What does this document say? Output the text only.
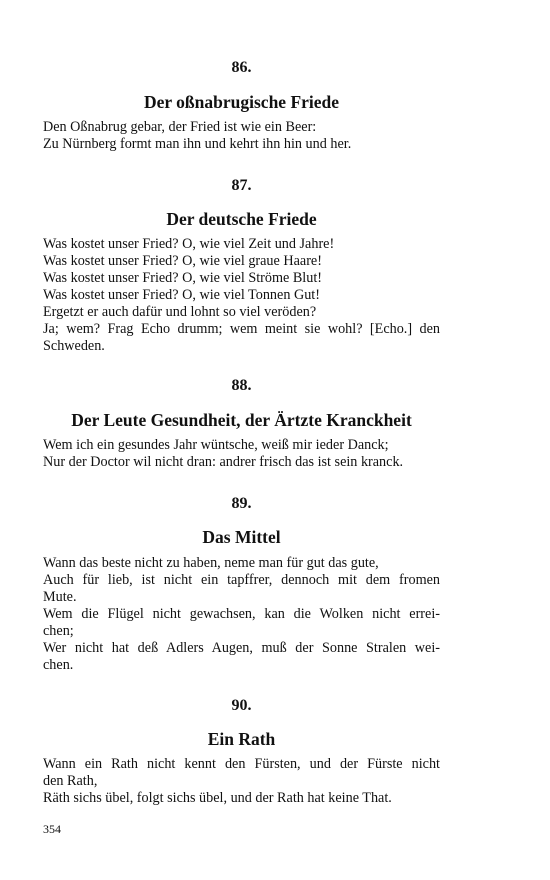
86.
Der oßnabrugische Friede
Den Oßnabrug gebar, der Fried ist wie ein Beer:
Zu Nürnberg formt man ihn und kehrt ihn hin und her.
87.
Der deutsche Friede
Was kostet unser Fried? O, wie viel Zeit und Jahre!
Was kostet unser Fried? O, wie viel graue Haare!
Was kostet unser Fried? O, wie viel Ströme Blut!
Was kostet unser Fried? O, wie viel Tonnen Gut!
Ergetzt er auch dafür und lohnt so viel veröden?
Ja; wem? Frag Echo drumm; wem meint sie wohl? [Echo.] den
Schweden.
88.
Der Leute Gesundheit, der Ärtzte Kranckheit
Wem ich ein gesundes Jahr wüntsche, weiß mir ieder Danck;
Nur der Doctor wil nicht dran: andrer frisch das ist sein kranck.
89.
Das Mittel
Wann das beste nicht zu haben, neme man für gut das gute,
Auch für lieb, ist nicht ein tapffrer, dennoch mit dem fromen
Mute.
Wem die Flügel nicht gewachsen, kan die Wolken nicht errei-
chen;
Wer nicht hat deß Adlers Augen, muß der Sonne Stralen wei-
chen.
90.
Ein Rath
Wann ein Rath nicht kennt den Fürsten, und der Fürste nicht
den Rath,
Räth sichs übel, folgt sichs übel, und der Rath hat keine That.
354
